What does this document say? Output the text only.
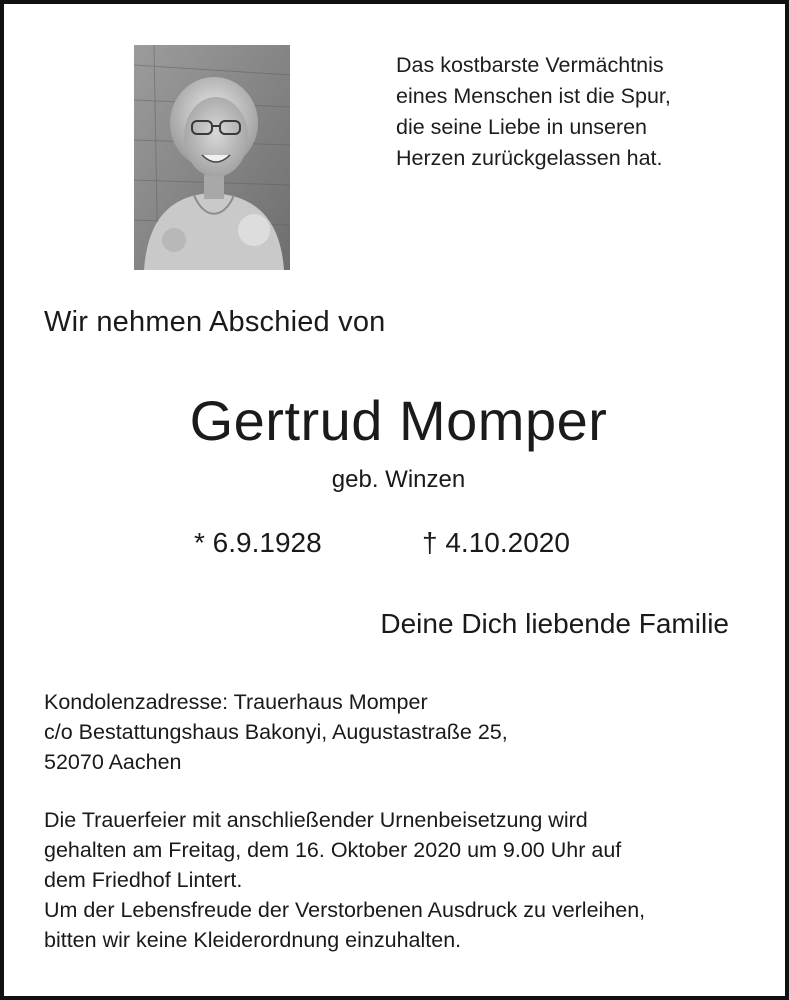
Das kostbarste Vermächtnis
eines Menschen ist die Spur,
die seine Liebe in unseren
Herzen zurückgelassen hat.
Wir nehmen Abschied von
Gertrud Momper
geb. Winzen
* 6.9.1928	† 4.10.2020
Deine Dich liebende Familie
Kondolenzadresse: Trauerhaus Momper
c/o Bestattungshaus Bakonyi, Augustastraße 25,
52070 Aachen
Die Trauerfeier mit anschließender Urnenbeisetzung wird
gehalten am Freitag, dem 16. Oktober 2020 um 9.00 Uhr auf
dem Friedhof Lintert.
Um der Lebensfreude der Verstorbenen Ausdruck zu verleihen,
bitten wir keine Kleiderordnung einzuhalten.
